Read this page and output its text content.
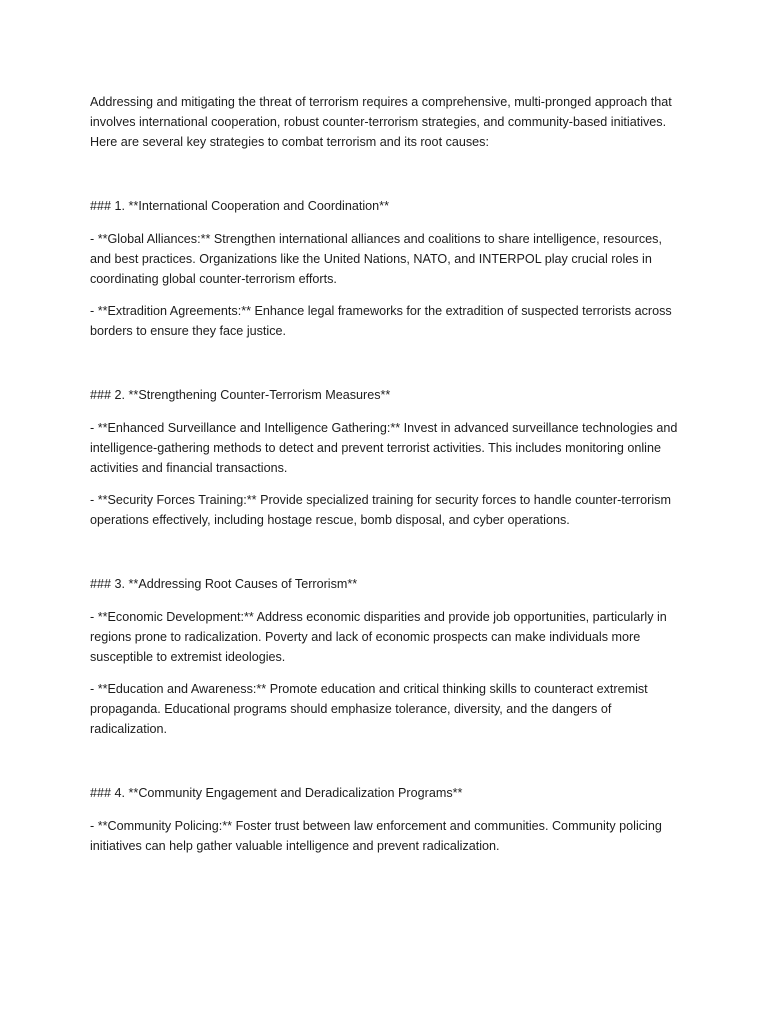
Addressing and mitigating the threat of terrorism requires a comprehensive, multi-pronged approach that involves international cooperation, robust counter-terrorism strategies, and community-based initiatives. Here are several key strategies to combat terrorism and its root causes:

### 1. **International Cooperation and Coordination**

- **Global Alliances:** Strengthen international alliances and coalitions to share intelligence, resources, and best practices. Organizations like the United Nations, NATO, and INTERPOL play crucial roles in coordinating global counter-terrorism efforts.

- **Extradition Agreements:** Enhance legal frameworks for the extradition of suspected terrorists across borders to ensure they face justice.

### 2. **Strengthening Counter-Terrorism Measures**

- **Enhanced Surveillance and Intelligence Gathering:** Invest in advanced surveillance technologies and intelligence-gathering methods to detect and prevent terrorist activities. This includes monitoring online activities and financial transactions.

- **Security Forces Training:** Provide specialized training for security forces to handle counter-terrorism operations effectively, including hostage rescue, bomb disposal, and cyber operations.

### 3. **Addressing Root Causes of Terrorism**

- **Economic Development:** Address economic disparities and provide job opportunities, particularly in regions prone to radicalization. Poverty and lack of economic prospects can make individuals more susceptible to extremist ideologies.

- **Education and Awareness:** Promote education and critical thinking skills to counteract extremist propaganda. Educational programs should emphasize tolerance, diversity, and the dangers of radicalization.

### 4. **Community Engagement and Deradicalization Programs**

- **Community Policing:** Foster trust between law enforcement and communities. Community policing initiatives can help gather valuable intelligence and prevent radicalization.
